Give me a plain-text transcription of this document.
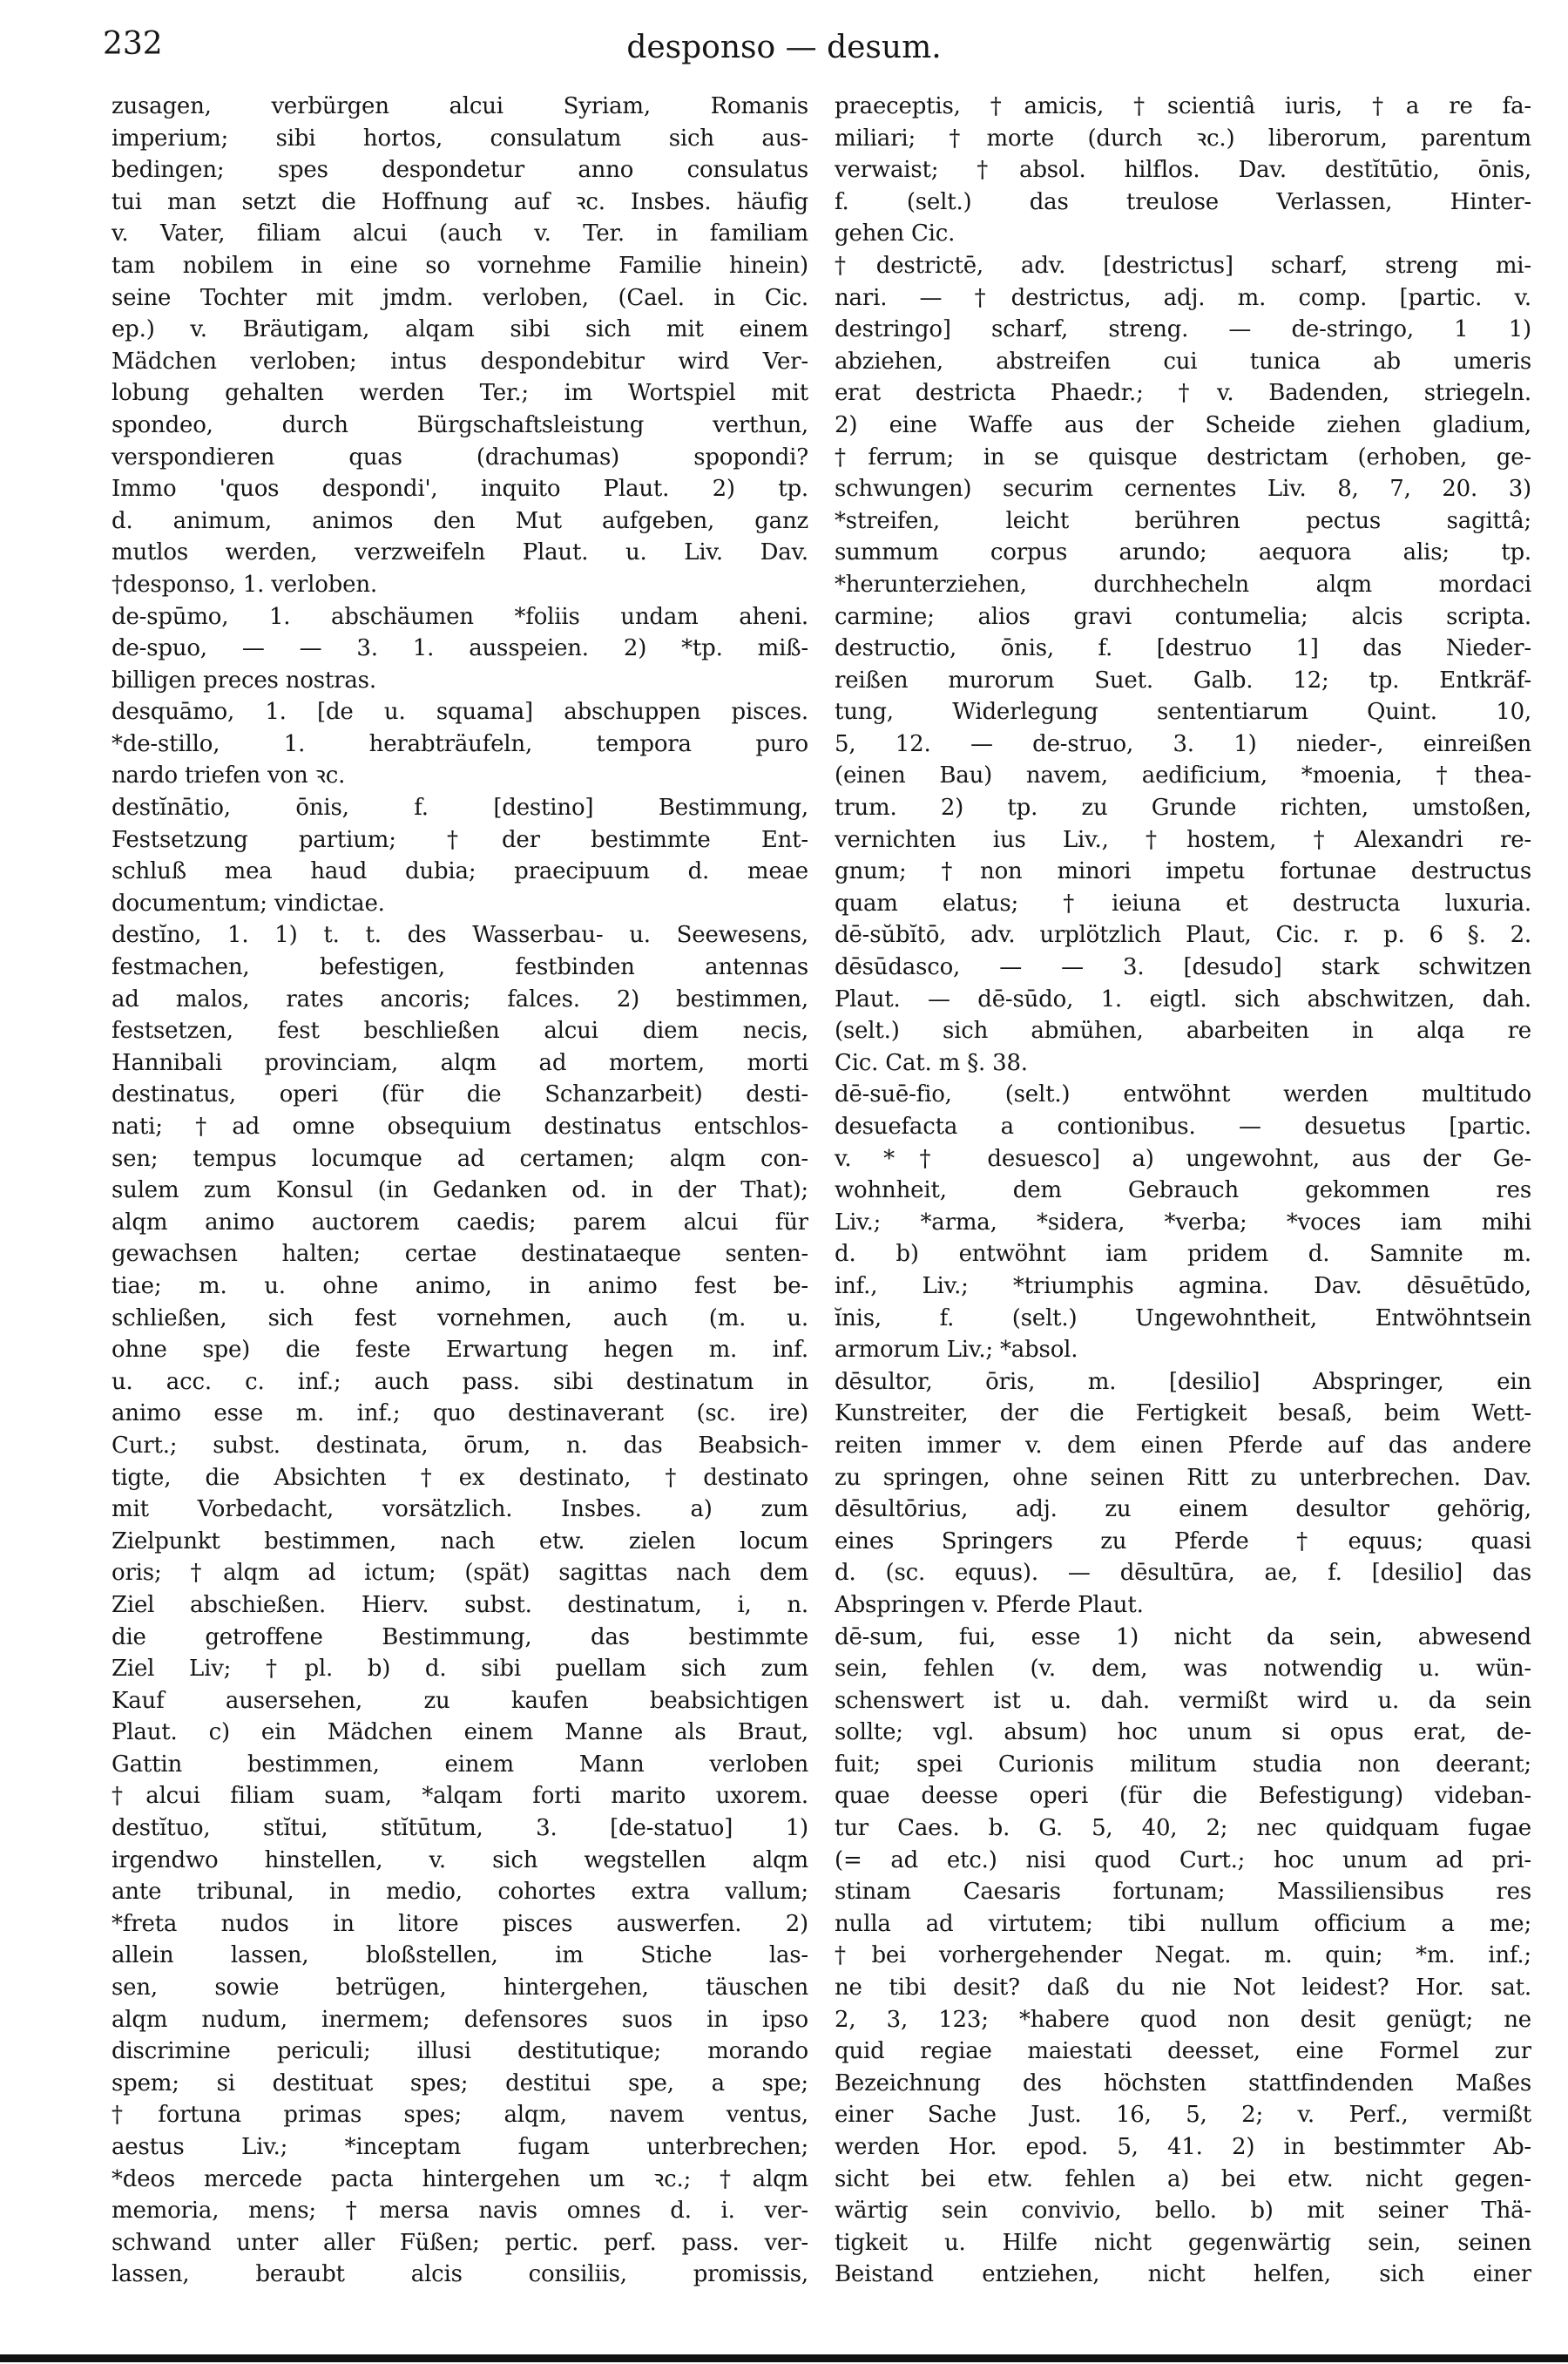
232	desponso — desum.
zusagen, verbürgen alcui Syriam, Romanis
imperium; sibi hortos, consulatum sich aus-
bedingen; spes despondetur anno consulatus
tui man setzt die Hoffnung auf ꝛc. Insbes. häufig
v. Vater, filiam alcui (auch v. Ter. in familiam
tam nobilem in eine so vornehme Familie hinein)
seine Tochter mit jmdm. verloben, (Cael. in Cic.
ep.) v. Bräutigam, alqam sibi sich mit einem
Mädchen verloben; intus despondebitur wird Ver-
lobung gehalten werden Ter.; im Wortspiel mit
spondeo, durch Bürgschaftsleistung verthun,
verspondieren quas (drachumas) spopondi?
Immo 'quos despondi', inquito Plaut. 2) tp.
d. animum, animos den Mut aufgeben, ganz
mutlos werden, verzweifeln Plaut. u. Liv. Dav.
†desponso, 1. verloben.
de-spūmo, 1. abschäumen *foliis undam aheni.
de-spuo, — — 3. 1. ausspeien. 2) *tp. miß-
billigen preces nostras.
desquāmo, 1. [de u. squama] abschuppen pisces.
*de-stillo, 1. herabträufeln, tempora puro
nardo triefen von ꝛc.
destĭnātio, ōnis, f. [destino] Bestimmung,
Festsetzung partium; †der bestimmte Ent-
schluß mea haud dubia; praecipuum d. meae
documentum; vindictae.
destĭno, 1. 1) t. t. des Wasserbau- u. Seewesens,
festmachen, befestigen, festbinden antennas
ad malos, rates ancoris; falces. 2) bestimmen,
festsetzen, fest beschließen alcui diem necis,
Hannibali provinciam, alqm ad mortem, morti
destinatus, operi (für die Schanzarbeit) desti-
nati; †ad omne obsequium destinatus entschlos-
sen; tempus locumque ad certamen; alqm con-
sulem zum Konsul (in Gedanken od. in der That);
alqm animo auctorem caedis; parem alcui für
gewachsen halten; certae destinataeque senten-
tiae; m. u. ohne animo, in animo fest be-
schließen, sich fest vornehmen, auch (m. u.
ohne spe) die feste Erwartung hegen m. inf.
u. acc. c. inf.; auch pass. sibi destinatum in
animo esse m. inf.; quo destinaverant (sc. ire)
Curt.; subst. destinata, ōrum, n. das Beabsich-
tigte, die Absichten †ex destinato, †destinato
mit Vorbedacht, vorsätzlich. Insbes. a) zum
Zielpunkt bestimmen, nach etw. zielen locum
oris; †alqm ad ictum; (spät) sagittas nach dem
Ziel abschießen. Hierv. subst. destinatum, i, n.
die getroffene Bestimmung, das bestimmte
Ziel Liv; †pl. b) d. sibi puellam sich zum
Kauf ausersehen, zu kaufen beabsichtigen
Plaut. c) ein Mädchen einem Manne als Braut,
Gattin bestimmen, einem Mann verloben
†alcui filiam suam, *alqam forti marito uxorem.
destĭtuo, stĭtui, stĭtūtum, 3. [de-statuo] 1)
irgendwo hinstellen, v. sich wegstellen alqm
ante tribunal, in medio, cohortes extra vallum;
*freta nudos in litore pisces auswerfen. 2)
allein lassen, bloßstellen, im Stiche las-
sen, sowie betrügen, hintergehen, täuschen
alqm nudum, inermem; defensores suos in ipso
discrimine periculi; illusi destitutique; morando
spem; si destituat spes; destitui spe, a spe;
†fortuna primas spes; alqm, navem ventus,
aestus Liv.; *inceptam fugam unterbrechen;
*deos mercede pacta hintergehen um ꝛc.; †alqm
memoria, mens; †mersa navis omnes d. i. ver-
schwand unter aller Füßen; pertic. perf. pass. ver-
lassen, beraubt alcis consiliis, promissis,
praeceptis, †amicis, †scientiâ iuris, †a re fa-
miliari; †morte (durch ꝛc.) liberorum, parentum
verwaist; †absol. hilflos. Dav. destĭtūtio, ōnis,
f. (selt.) das treulose Verlassen, Hinter-
gehen Cic.
†destrictē, adv. [destrictus] scharf, streng mi-
nari. — †destrictus, adj. m. comp. [partic. v.
destringo] scharf, streng. — de-stringo, 1 1)
abziehen, abstreifen cui tunica ab umeris
erat destricta Phaedr.; †v. Badenden, striegeln.
2) eine Waffe aus der Scheide ziehen gladium,
†ferrum; in se quisque destrictam (erhoben, ge-
schwungen) securim cernentes Liv. 8, 7, 20. 3)
*streifen, leicht berühren pectus sagittâ;
summum corpus arundo; aequora alis; tp.
*herunterziehen, durchhecheln alqm mordaci
carmine; alios gravi contumelia; alcis scripta.
destructio, ōnis, f. [destruo 1] das Nieder-
reißen murorum Suet. Galb. 12; tp. Entkräf-
tung, Widerlegung sententiarum Quint. 10,
5, 12. — de-struo, 3. 1) nieder-, einreißen
(einen Bau) navem, aedificium, *moenia, †thea-
trum. 2) tp. zu Grunde richten, umstoßen,
vernichten ius Liv., †hostem, †Alexandri re-
gnum; †non minori impetu fortunae destructus
quam elatus; †ieiuna et destructa luxuria.
dē-sŭbĭtō, adv. urplötzlich Plaut, Cic. r. p. 6 §. 2.
dēsūdasco, — — 3. [desudo] stark schwitzen
Plaut. — dē-sūdo, 1. eigtl. sich abschwitzen, dah.
(selt.) sich abmühen, abarbeiten in alqa re
Cic. Cat. m §. 38.
dē-suē-fio, (selt.) entwöhnt werden multitudo
desuefacta a contionibus. — desuetus [partic.
v. *† desuesco] a) ungewohnt, aus der Ge-
wohnheit, dem Gebrauch gekommen res
Liv.; *arma, *sidera, *verba; *voces iam mihi
d. b) entwöhnt iam pridem d. Samnite m.
inf., Liv.; *triumphis agmina. Dav. dēsuētūdo,
ĭnis, f. (selt.) Ungewohntheit, Entwöhntsein
armorum Liv.; *absol.
dēsultor, ōris, m. [desilio] Abspringer, ein
Kunstreiter, der die Fertigkeit besaß, beim Wett-
reiten immer v. dem einen Pferde auf das andere
zu springen, ohne seinen Ritt zu unterbrechen. Dav.
dēsultōrius, adj. zu einem desultor gehörig,
eines Springers zu Pferde †equus; quasi
d. (sc. equus). — dēsultūra, ae, f. [desilio] das
Abspringen v. Pferde Plaut.
dē-sum, fui, esse 1) nicht da sein, abwesend
sein, fehlen (v. dem, was notwendig u. wün-
schenswert ist u. dah. vermißt wird u. da sein
sollte; vgl. absum) hoc unum si opus erat, de-
fuit; spei Curionis militum studia non deerant;
quae deesse operi (für die Befestigung) videban-
tur Caes. b. G. 5, 40, 2; nec quidquam fugae
(= ad etc.) nisi quod Curt.; hoc unum ad pri-
stinam Caesaris fortunam; Massiliensibus res
nulla ad virtutem; tibi nullum officium a me;
†bei vorhergehender Negat. m. quin; *m. inf.;
ne tibi desit? daß du nie Not leidest? Hor. sat.
2, 3, 123; *habere quod non desit genügt; ne
quid regiae maiestati deesset, eine Formel zur
Bezeichnung des höchsten stattfindenden Maßes
einer Sache Just. 16, 5, 2; v. Perf., vermißt
werden Hor. epod. 5, 41. 2) in bestimmter Ab-
sicht bei etw. fehlen a) bei etw. nicht gegen-
wärtig sein convivio, bello. b) mit seiner Thä-
tigkeit u. Hilfe nicht gegenwärtig sein, seinen
Beistand entziehen, nicht helfen, sich einer
